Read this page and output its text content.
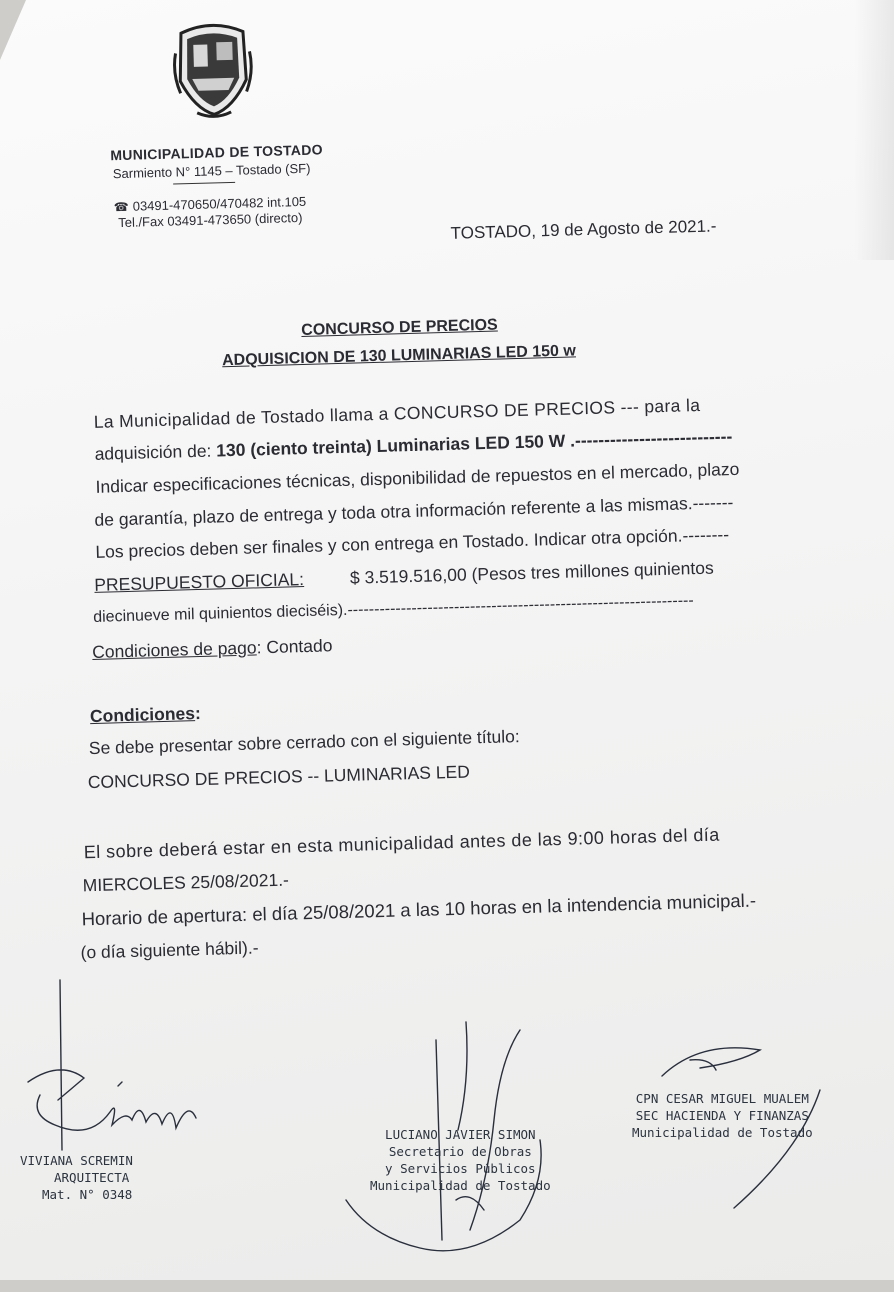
MUNICIPALIDAD DE TOSTADO
Sarmiento N° 1145 – Tostado (SF)
☎ 03491-470650/470482 int.105
Tel./Fax 03491-473650 (directo)	TOSTADO, 19 de Agosto de 2021.-
CONCURSO DE PRECIOS
ADQUISICION DE 130 LUMINARIAS LED 150 w
La Municipalidad de Tostado llama a CONCURSO DE PRECIOS --- para la
adquisición de: 130 (ciento treinta) Luminarias LED 150 W .---------------------------
Indicar especificaciones técnicas, disponibilidad de repuestos en el mercado, plazo
de garantía, plazo de entrega y toda otra información referente a las mismas.-------
Los precios deben ser finales y con entrega en Tostado. Indicar otra opción.--------
PRESUPUESTO OFICIAL:	$ 3.519.516,00 (Pesos tres millones quinientos
diecinueve mil quinientos dieciséis).-----------------------------------------------------------------
Condiciones de pago: Contado
Condiciones:
Se debe presentar sobre cerrado con el siguiente título:
CONCURSO DE PRECIOS -- LUMINARIAS LED
El sobre deberá estar en esta municipalidad antes de las 9:00 horas del día
MIERCOLES 25/08/2021.-
Horario de apertura: el día 25/08/2021 a las 10 horas en la intendencia municipal.-
(o día siguiente hábil).-
VIVIANA SCREMIN
ARQUITECTA
Mat. N° 0348
LUCIANO JAVIER SIMON
Secretario de Obras
y Servicios Públicos
Municipalidad de Tostado
CPN CESAR MIGUEL MUALEM
SEC HACIENDA Y FINANZAS
Municipalidad de Tostado
